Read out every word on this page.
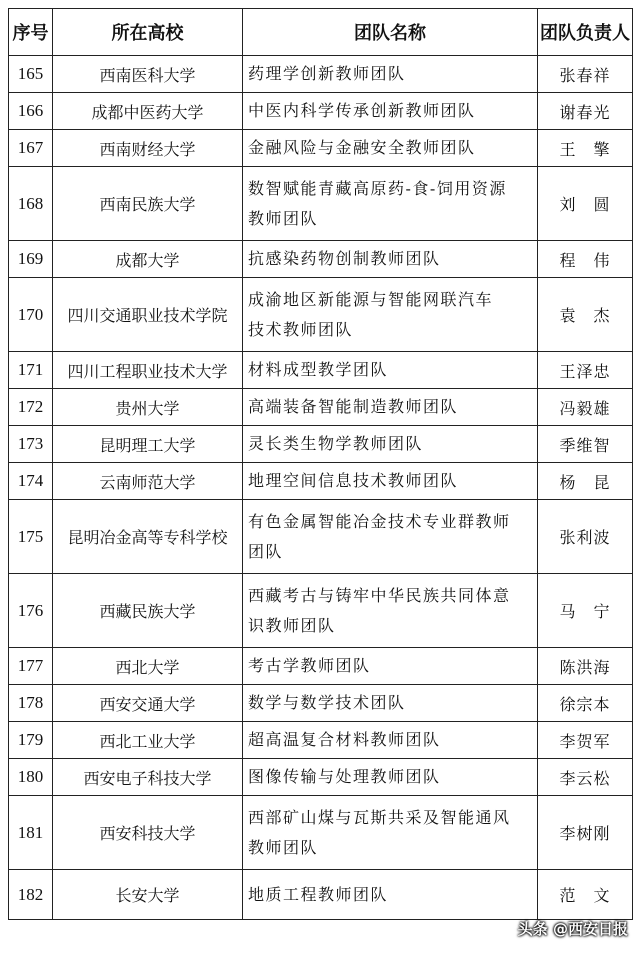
序号	所在高校	团队名称	团队负责人
165	西南医科大学	药理学创新教师团队	张春祥
166	成都中医药大学	中医内科学传承创新教师团队	谢春光
167	西南财经大学	金融风险与金融安全教师团队	王　擎
168	西南民族大学	数智赋能青藏高原药-食-饲用资源
教师团队	刘　圆
169	成都大学	抗感染药物创制教师团队	程　伟
170	四川交通职业技术学院	成渝地区新能源与智能网联汽车
技术教师团队	袁　杰
171	四川工程职业技术大学	材料成型教学团队	王泽忠
172	贵州大学	高端装备智能制造教师团队	冯毅雄
173	昆明理工大学	灵长类生物学教师团队	季维智
174	云南师范大学	地理空间信息技术教师团队	杨　昆
175	昆明冶金高等专科学校	有色金属智能冶金技术专业群教师
团队	张利波
176	西藏民族大学	西藏考古与铸牢中华民族共同体意
识教师团队	马　宁
177	西北大学	考古学教师团队	陈洪海
178	西安交通大学	数学与数学技术团队	徐宗本
179	西北工业大学	超高温复合材料教师团队	李贺军
180	西安电子科技大学	图像传输与处理教师团队	李云松
181	西安科技大学	西部矿山煤与瓦斯共采及智能通风
教师团队	李树刚
182	长安大学	地质工程教师团队	范　文
头条 @西安日报
